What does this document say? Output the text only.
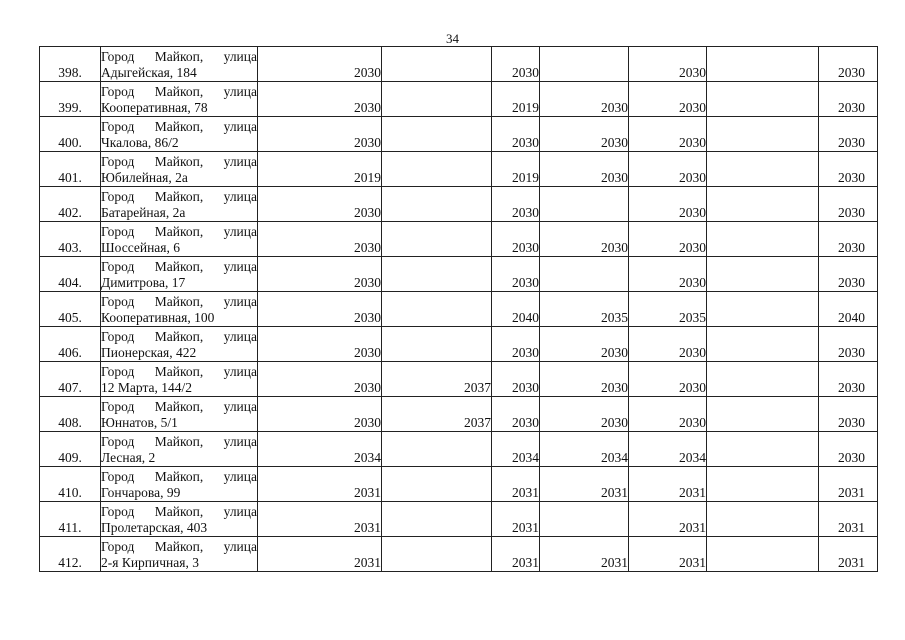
34
398.	Город Майкоп, улица
Адыгейская, 184	2030		2030		2030		2030
399.	Город Майкоп, улица
Кооперативная, 78	2030		2019	2030	2030		2030
400.	Город Майкоп, улица
Чкалова, 86/2	2030		2030	2030	2030		2030
401.	Город Майкоп, улица
Юбилейная, 2а	2019		2019	2030	2030		2030
402.	Город Майкоп, улица
Батарейная, 2а	2030		2030		2030		2030
403.	Город Майкоп, улица
Шоссейная, 6	2030		2030	2030	2030		2030
404.	Город Майкоп, улица
Димитрова, 17	2030		2030		2030		2030
405.	Город Майкоп, улица
Кооперативная, 100	2030		2040	2035	2035		2040
406.	Город Майкоп, улица
Пионерская, 422	2030		2030	2030	2030		2030
407.	Город Майкоп, улица
12 Марта, 144/2	2030	2037	2030	2030	2030		2030
408.	Город Майкоп, улица
Юннатов, 5/1	2030	2037	2030	2030	2030		2030
409.	Город Майкоп, улица
Лесная, 2	2034		2034	2034	2034		2030
410.	Город Майкоп, улица
Гончарова, 99	2031		2031	2031	2031		2031
411.	Город Майкоп, улица
Пролетарская, 403	2031		2031		2031		2031
412.	Город Майкоп, улица
2-я Кирпичная, 3	2031		2031	2031	2031		2031
